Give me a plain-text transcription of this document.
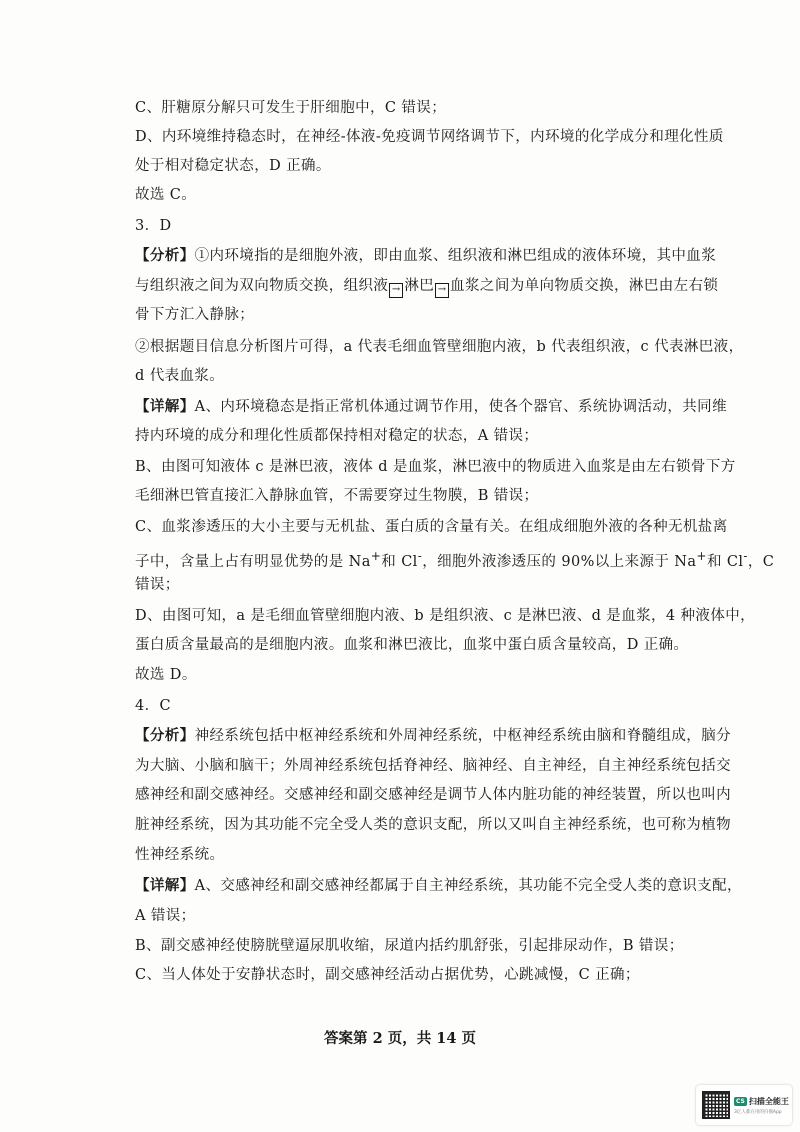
C、肝糖原分解只可发生于肝细胞中，C 错误；
D、内环境维持稳态时，在神经-体液-免疫调节网络调节下，内环境的化学成分和理化性质
处于相对稳定状态，D 正确。
故选 C。
3．D
【分析】①内环境指的是细胞外液，即由血浆、组织液和淋巴组成的液体环境，其中血浆
与组织液之间为双向物质交换，组织液 → 淋巴 → 血浆之间为单向物质交换，淋巴由左右锁
骨下方汇入静脉；
②根据题目信息分析图片可得，a 代表毛细血管壁细胞内液，b 代表组织液，c 代表淋巴液，
d 代表血浆。
【详解】A、内环境稳态是指正常机体通过调节作用，使各个器官、系统协调活动，共同维
持内环境的成分和理化性质都保持相对稳定的状态，A 错误；
B、由图可知液体 c 是淋巴液，液体 d 是血浆，淋巴液中的物质进入血浆是由左右锁骨下方
毛细淋巴管直接汇入静脉血管，不需要穿过生物膜，B 错误；
C、血浆渗透压的大小主要与无机盐、蛋白质的含量有关。在组成细胞外液的各种无机盐离
子中，含量上占有明显优势的是 Na+和 Cl-，细胞外液渗透压的 90%以上来源于 Na+和 Cl-，C
错误；
D、由图可知，a 是毛细血管壁细胞内液、b 是组织液、c 是淋巴液、d 是血浆，4 种液体中，
蛋白质含量最高的是细胞内液。血浆和淋巴液比，血浆中蛋白质含量较高，D 正确。
故选 D。
4．C
【分析】神经系统包括中枢神经系统和外周神经系统，中枢神经系统由脑和脊髓组成，脑分
为大脑、小脑和脑干；外周神经系统包括脊神经、脑神经、自主神经，自主神经系统包括交
感神经和副交感神经。交感神经和副交感神经是调节人体内脏功能的神经装置，所以也叫内
脏神经系统，因为其功能不完全受人类的意识支配，所以又叫自主神经系统，也可称为植物
性神经系统。
【详解】A、交感神经和副交感神经都属于自主神经系统，其功能不完全受人类的意识支配，
A 错误；
B、副交感神经使膀胱壁逼尿肌收缩，尿道内括约肌舒张，引起排尿动作，B 错误；
C、当人体处于安静状态时，副交感神经活动占据优势，心跳减慢，C 正确；
答案第 2 页，共 14 页
CS 扫描全能王
3亿人都在用的扫描App
